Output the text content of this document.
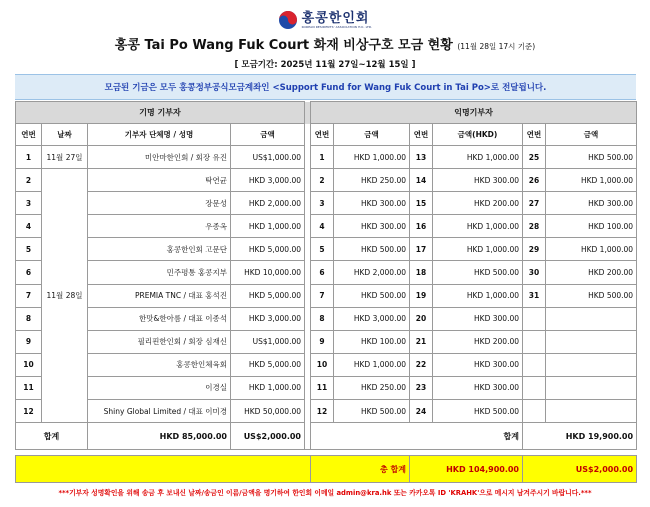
홍콩한인회
KOREAN RESIDENTS' ASSOCIATION H.K. LTD.
홍콩 Tai Po Wang Fuk Court 화재 비상구호 모금 현황 (11월 28일 17시 기준)
[ 모금기간: 2025년 11월 27일~12월 15일 ]
모금된 기금은 모두 홍콩정부공식모금계좌인 <Support Fund for Wang Fuk Court in Tai Po>로 전달됩니다.
기명 기부자					익명기부자					
연번	날짜	기부자 단체명 / 성명	금액		연번	금액	연번	금액(HKD)	연번	금액
1	11월 27일	미안마한인회 / 회장 유진	US$1,000.00		1	HKD 1,000.00	13	HKD 1,000.00	25	HKD 500.00
2	11월 28일	탁연균	HKD 3,000.00		2	HKD 250.00	14	HKD 300.00	26	HKD 1,000.00
3		장문성	HKD 2,000.00		3	HKD 300.00	15	HKD 200.00	27	HKD 300.00
4		우종옥	HKD 1,000.00		4	HKD 300.00	16	HKD 1,000.00	28	HKD 100.00
5		홍콩한인회 고문단	HKD 5,000.00		5	HKD 500.00	17	HKD 1,000.00	29	HKD 1,000.00
6		민주평통 홍콩지부	HKD 10,000.00		6	HKD 2,000.00	18	HKD 500.00	30	HKD 200.00
7		PREMIA TNC / 대표 홍석진	HKD 5,000.00		7	HKD 500.00	19	HKD 1,000.00	31	HKD 500.00
8		한맛&한아름 / 대표 이종석	HKD 3,000.00		8	HKD 3,000.00	20	HKD 300.00		
9		필리핀한인회 / 회장 심재신	US$1,000.00		9	HKD 100.00	21	HKD 200.00		
10		홍콩한인체육회	HKD 5,000.00		10	HKD 1,000.00	22	HKD 300.00		
11		이경실	HKD 1,000.00		11	HKD 250.00	23	HKD 300.00		
12		Shiny Global Limited / 대표 이미경	HKD 50,000.00		12	HKD 500.00	24	HKD 500.00		
합계		HKD 85,000.00	US$2,000.00		합계				HKD 19,900.00	

					총 합계		HKD 104,900.00		US$2,000.00	
***기부자 성명확인을 위해 송금 후 보내신 날짜/송금인 이름/금액을 명기하여 한인회 이메일 admin@kra.hk 또는 카카오톡 ID 'KRAHK'으로 메시지 남겨주시기 바랍니다.***
